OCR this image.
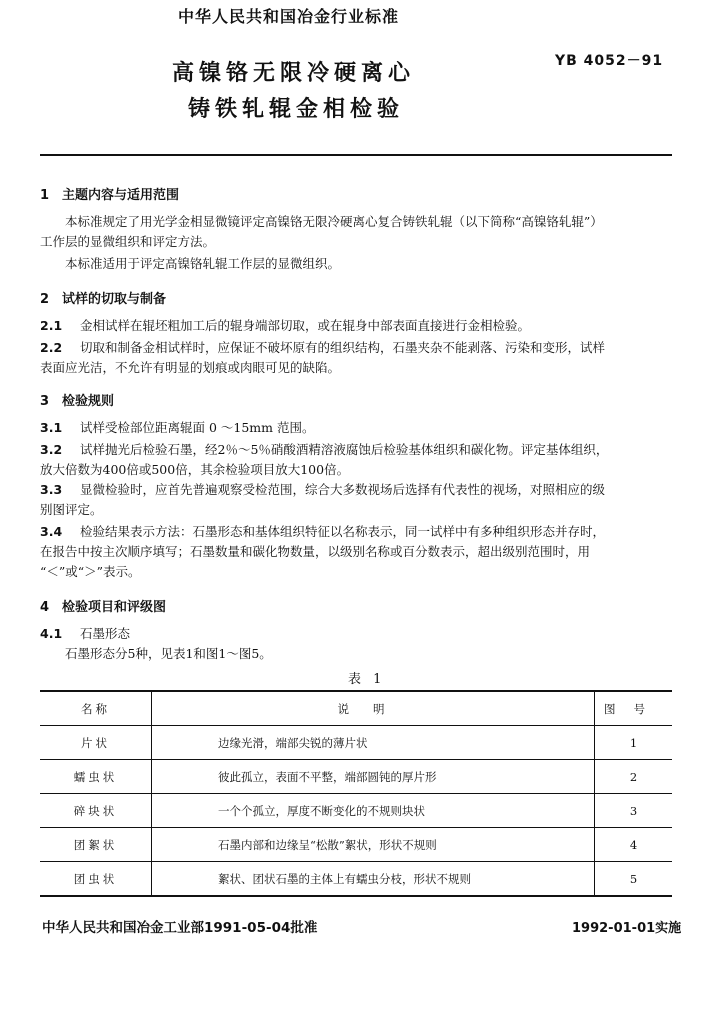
中华人民共和国冶金行业标准
YB 4052－91
高镍铬无限冷硬离心
铸铁轧辊金相检验
1　主题内容与适用范围
本标准规定了用光学金相显微镜评定高镍铬无限冷硬离心复合铸铁轧辊（以下简称“高镍铬轧辊”）
工作层的显微组织和评定方法。
本标准适用于评定高镍铬轧辊工作层的显微组织。
2　试样的切取与制备
2.1 金相试样在辊坯粗加工后的辊身端部切取，或在辊身中部表面直接进行金相检验。
2.2 切取和制备金相试样时，应保证不破坏原有的组织结构，石墨夹杂不能剥落、污染和变形，试样
表面应光洁，不允许有明显的划痕或肉眼可见的缺陷。
3　检验规则
3.1 试样受检部位距离辊面 0 ～15mm 范围。
3.2 试样抛光后检验石墨，经2％～5％硝酸酒精溶液腐蚀后检验基体组织和碳化物。评定基体组织，
放大倍数为400倍或500倍，其余检验项目放大100倍。
3.3 显微检验时，应首先普遍观察受检范围，综合大多数视场后选择有代表性的视场，对照相应的级
别图评定。
3.4 检验结果表示方法：石墨形态和基体组织特征以名称表示，同一试样中有多种组织形态并存时，
在报告中按主次顺序填写；石墨数量和碳化物数量，以级别名称或百分数表示，超出级别范围时，用
“＜”或“＞”表示。
4　检验项目和评级图
4.1 石墨形态
石墨形态分5种，见表1和图1～图5。
表 1
名称	说明	图号
片状	边缘光滑，端部尖锐的薄片状	1
蠕虫状	彼此孤立，表面不平整，端部圆钝的厚片形	2
碎块状	一个个孤立，厚度不断变化的不规则块状	3
团絮状	石墨内部和边缘呈“松散”絮状，形状不规则	4
团虫状	絮状、团状石墨的主体上有蠕虫分枝，形状不规则	5
中华人民共和国冶金工业部1991-05-04批准	1992-01-01实施
